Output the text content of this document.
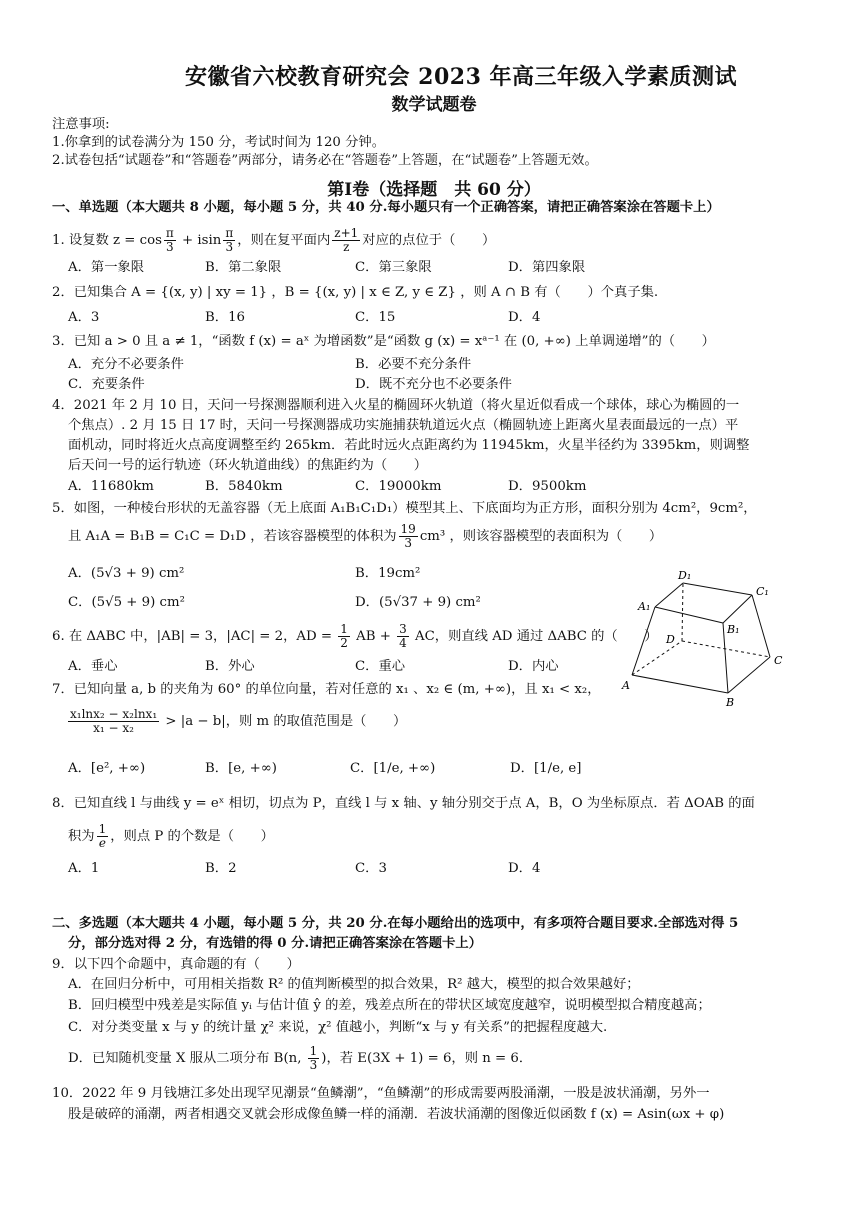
安徽省六校教育研究会 2023 年高三年级入学素质测试
数学试题卷
注意事项:
1.你拿到的试卷满分为 150 分，考试时间为 120 分钟。
2.试卷包括“试题卷”和“答题卷”两部分，请务必在“答题卷”上答题，在“试题卷”上答题无效。
第Ⅰ卷（选择题　共 60 分）
一、单选题（本大题共 8 小题，每小题 5 分，共 40 分.每小题只有一个正确答案，请把正确答案涂在答题卡上）
1. 设复数 $z = \cos \frac{\pi}{3} + isin \frac{\pi}{3}$ ，则在复平面内 $\frac{z+1}{z}$ 对应的点位于（　　）
A．第一象限	B．第二象限	C．第三象限	D．第四象限
2．已知集合 A = {(x, y) | xy = 1} ，B = {(x, y) | x ∈ Z, y ∈ Z} ，则 A ∩ B 有（　　）个真子集.
A．3	B．16	C．15	D．4
3．已知 a > 0 且 a ≠ 1，“函数 f (x) = aˣ 为增函数”是“函数 g (x) = xᵃ⁻¹ 在 (0, +∞) 上单调递增”的（　　）
A．充分不必要条件	B．必要不充分条件
C．充要条件	D．既不充分也不必要条件
4．2021 年 2 月 10 日，天问一号探测器顺利进入火星的椭圆环火轨道（将火星近似看成一个球体，球心为椭圆的一
个焦点）. 2 月 15 日 17 时，天问一号探测器成功实施捕获轨道远火点（椭圆轨迹上距离火星表面最远的一点）平
面机动，同时将近火点高度调整至约 265km．若此时远火点距离约为 11945km，火星半径约为 3395km，则调整
后天问一号的运行轨迹（环火轨道曲线）的焦距约为（　　）
A．11680km	B．5840km	C．19000km	D．9500km
5．如图，一种棱台形状的无盖容器（无上底面 A₁B₁C₁D₁）模型其上、下底面均为正方形，面积分别为 4cm²，9cm²，
且 A₁A = B₁B = C₁C = D₁D ，若该容器模型的体积为 $\frac{19}{3} cm^3$ ，则该容器模型的表面积为（　　）
A．(5√3 + 9) cm²	B．19cm²
C．(5√5 + 9) cm²	D．(5√37 + 9) cm²
D₁
C₁
A₁
B₁
D
C
A
B
6. 在 ΔABC 中，|AB| = 3，|AC| = 2，AD = $\frac{1}{2}$ AB + $\frac{3}{4}$ AC，则直线 AD 通过 ΔABC 的（　　）
A．垂心	B．外心	C．重心	D．内心
7．已知向量 a, b 的夹角为 60° 的单位向量，若对任意的 x₁ 、x₂ ∈ (m, +∞)，且 x₁ < x₂，
$\frac{\text{x₁lnx₂ − x₂lnx₁}}{\text{x₁ − x₂}} > |a - b|$，则 m 的取值范围是（　　）
A．[e², +∞)	B．[e, +∞)	C．[1/e, +∞)	D．[1/e, e]
8．已知直线 l 与曲线 y = eˣ 相切，切点为 P，直线 l 与 x 轴、y 轴分别交于点 A，B，O 为坐标原点．若 ΔOAB 的面
积为 $\frac{1}{e}$ ，则点 P 的个数是（　　）
A．1	B．2	C．3	D．4
二、多选题（本大题共 4 小题，每小题 5 分，共 20 分.在每小题给出的选项中，有多项符合题目要求.全部选对得 5
分，部分选对得 2 分，有选错的得 0 分.请把正确答案涂在答题卡上）
9．以下四个命题中，真命题的有（　　）
A．在回归分析中，可用相关指数 R² 的值判断模型的拟合效果，R² 越大，模型的拟合效果越好；
B．回归模型中残差是实际值 yᵢ 与估计值 ŷ 的差，残差点所在的带状区域宽度越窄，说明模型拟合精度越高；
C．对分类变量 x 与 y 的统计量 χ² 来说，χ² 值越小，判断“x 与 y 有关系”的把握程度越大.
D．已知随机变量 X 服从二项分布 B(n, $\frac{1}{3}$ )，若 E(3X + 1) = 6，则 n = 6．
10．2022 年 9 月钱塘江多处出现罕见潮景“鱼鳞潮”，“鱼鳞潮”的形成需要两股涌潮，一股是波状涌潮，另外一
股是破碎的涌潮，两者相遇交叉就会形成像鱼鳞一样的涌潮．若波状涌潮的图像近似函数 f (x) = Asin(ωx + φ)
